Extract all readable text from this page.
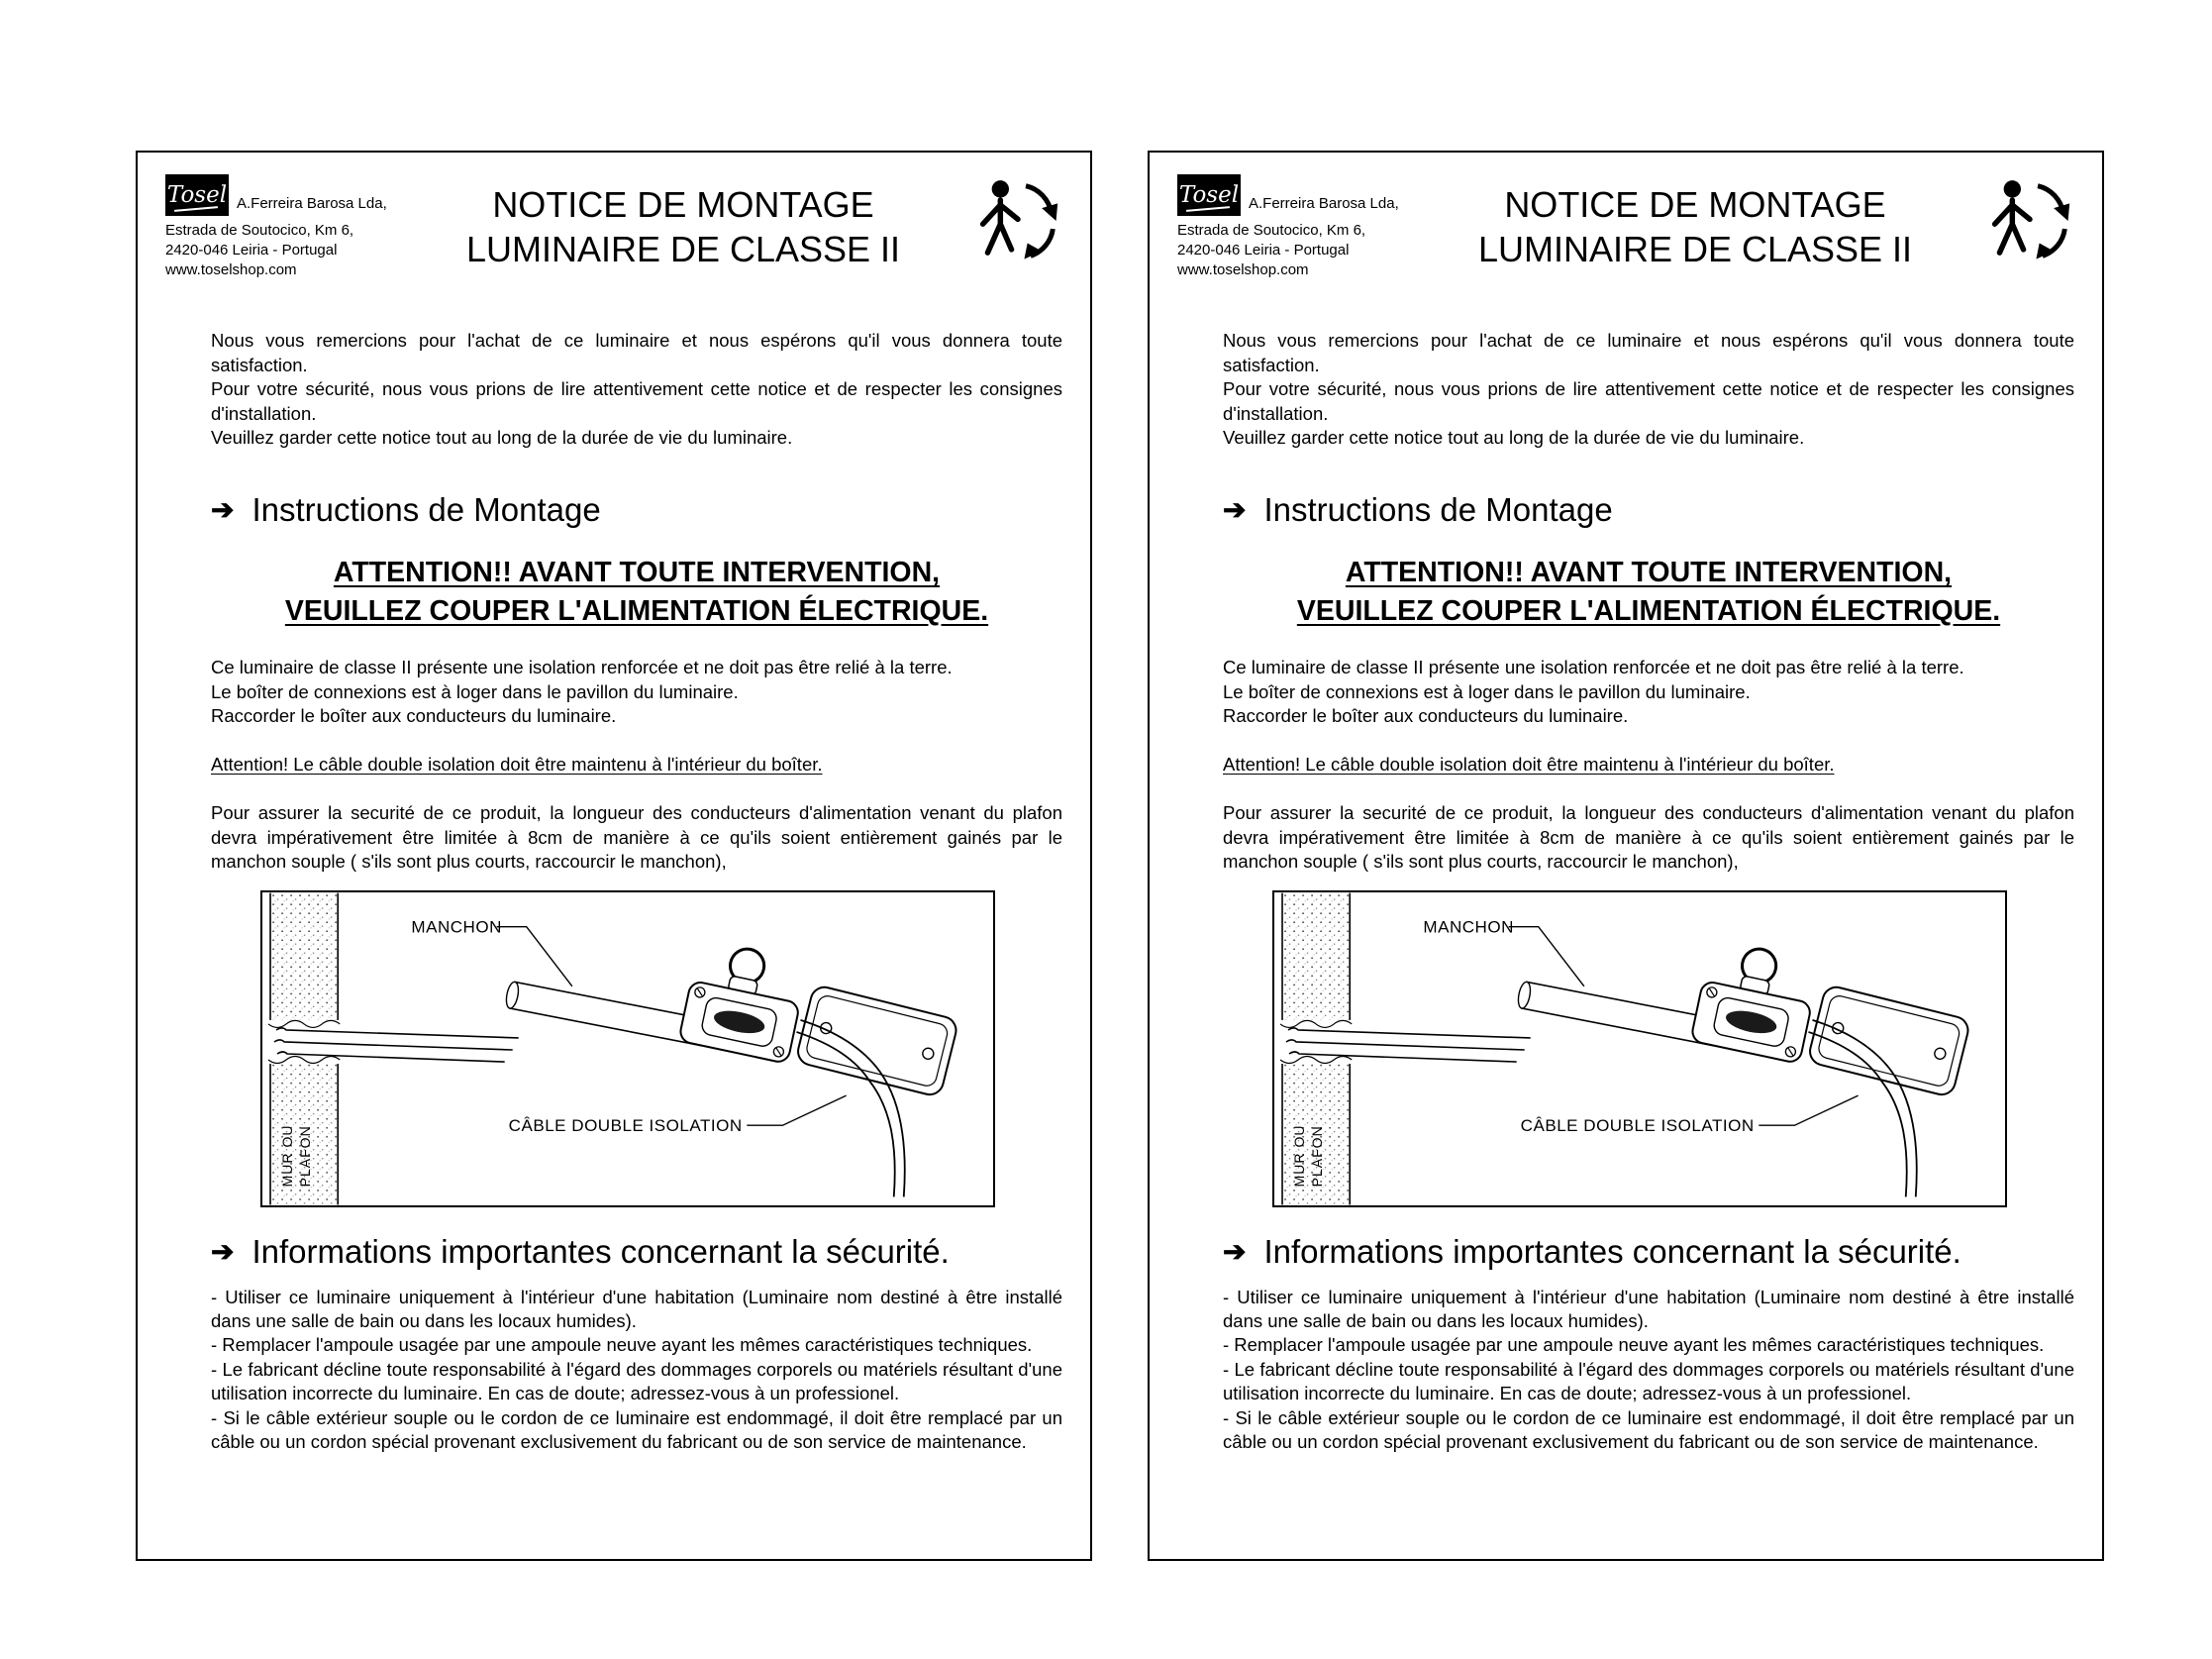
Tosel A.Ferreira Barosa Lda,
Estrada de Soutocico, Km 6,
2420-046 Leiria - Portugal
www.toselshop.com
NOTICE DE MONTAGE
LUMINAIRE DE CLASSE II

Nous vous remercions pour l'achat de ce luminaire et nous espérons qu'il vous donnera toute satisfaction.

Pour votre sécurité, nous vous prions de lire attentivement cette notice et de respecter les consignes d'installation.

Veuillez garder cette notice tout au long de la durée de vie du luminaire.

➔ Instructions de Montage
ATTENTION!! AVANT TOUTE INTERVENTION,
VEUILLEZ COUPER L'ALIMENTATION ÉLECTRIQUE.
Ce luminaire de classe II présente une isolation renforcée et ne doit pas être relié à la terre.
Le boîter de connexions est à loger dans le pavillon du luminaire.
Raccorder le boîter aux conducteurs du luminaire.
Attention! Le câble double isolation doit être maintenu à l'intérieur du boîter.

Pour assurer la securité de ce produit, la longueur des conducteurs d'alimentation venant du plafon devra impérativement être limitée à 8cm de manière à ce qu'ils soient entièrement gainés par le manchon souple ( s'ils sont plus courts, raccourcir le manchon),

MUR OU PLAFON
MANCHON
CÂBLE DOUBLE ISOLATION
➔ Informations importantes concernant la sécurité.

- Utiliser ce luminaire uniquement à l'intérieur d'une habitation (Luminaire nom destiné à être installé dans une salle de bain ou dans les locaux humides).

- Remplacer l'ampoule usagée par une ampoule neuve ayant les mêmes caractéristiques techniques.

- Le fabricant décline toute responsabilité à l'égard des dommages corporels ou matériels résultant d'une utilisation incorrecte du luminaire. En cas de doute; adressez-vous à un professionel.

- Si le câble extérieur souple ou le cordon de ce luminaire est endommagé, il doit être remplacé par un câble ou un cordon spécial provenant exclusivement du fabricant ou de son service de maintenance.

Tosel A.Ferreira Barosa Lda,
Estrada de Soutocico, Km 6,
2420-046 Leiria - Portugal
www.toselshop.com
NOTICE DE MONTAGE
LUMINAIRE DE CLASSE II

Nous vous remercions pour l'achat de ce luminaire et nous espérons qu'il vous donnera toute satisfaction.

Pour votre sécurité, nous vous prions de lire attentivement cette notice et de respecter les consignes d'installation.

Veuillez garder cette notice tout au long de la durée de vie du luminaire.

➔ Instructions de Montage
ATTENTION!! AVANT TOUTE INTERVENTION,
VEUILLEZ COUPER L'ALIMENTATION ÉLECTRIQUE.
Ce luminaire de classe II présente une isolation renforcée et ne doit pas être relié à la terre.
Le boîter de connexions est à loger dans le pavillon du luminaire.
Raccorder le boîter aux conducteurs du luminaire.
Attention! Le câble double isolation doit être maintenu à l'intérieur du boîter.

Pour assurer la securité de ce produit, la longueur des conducteurs d'alimentation venant du plafon devra impérativement être limitée à 8cm de manière à ce qu'ils soient entièrement gainés par le manchon souple ( s'ils sont plus courts, raccourcir le manchon),

MUR OU PLAFON
MANCHON
CÂBLE DOUBLE ISOLATION
➔ Informations importantes concernant la sécurité.

- Utiliser ce luminaire uniquement à l'intérieur d'une habitation (Luminaire nom destiné à être installé dans une salle de bain ou dans les locaux humides).

- Remplacer l'ampoule usagée par une ampoule neuve ayant les mêmes caractéristiques techniques.

- Le fabricant décline toute responsabilité à l'égard des dommages corporels ou matériels résultant d'une utilisation incorrecte du luminaire. En cas de doute; adressez-vous à un professionel.

- Si le câble extérieur souple ou le cordon de ce luminaire est endommagé, il doit être remplacé par un câble ou un cordon spécial provenant exclusivement du fabricant ou de son service de maintenance.
